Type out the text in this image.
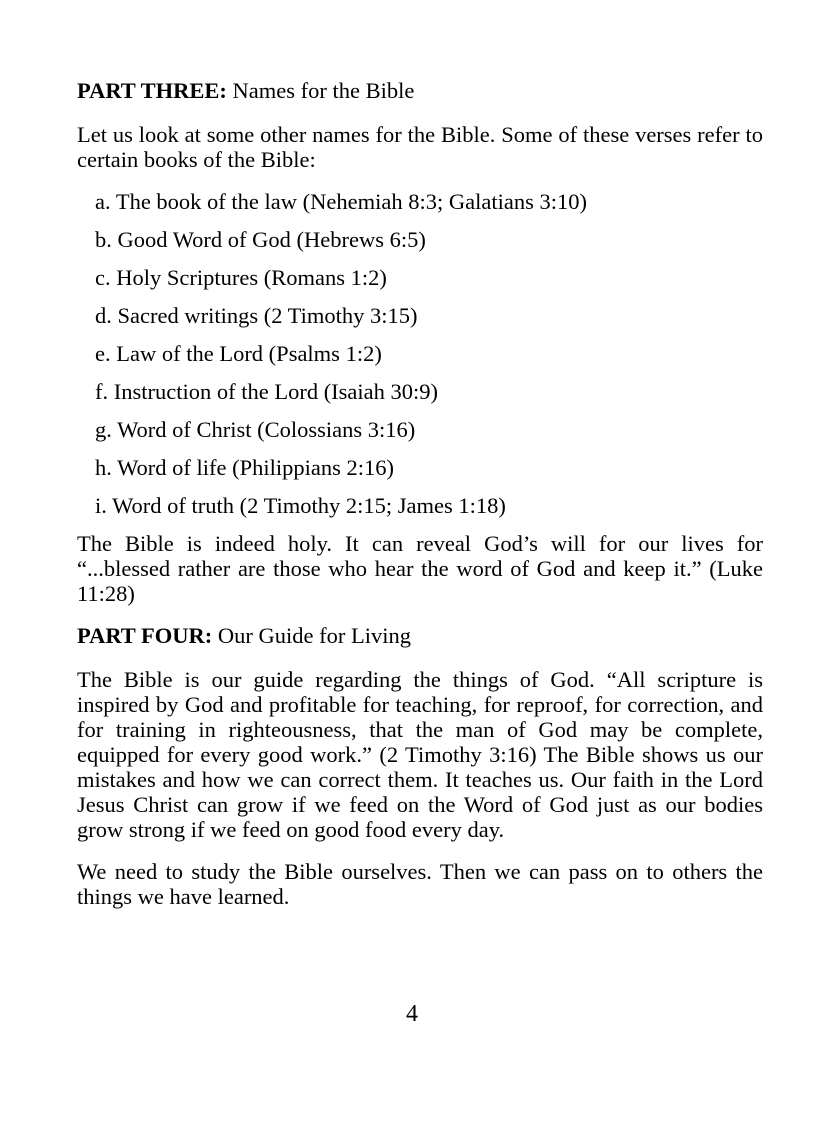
PART THREE: Names for the Bible

Let us look at some other names for the Bible. Some of these verses refer to certain books of the Bible:

a. The book of the law (Nehemiah 8:3; Galatians 3:10)
b. Good Word of God (Hebrews 6:5)
c. Holy Scriptures (Romans 1:2)
d. Sacred writings (2 Timothy 3:15)
e. Law of the Lord (Psalms 1:2)
f. Instruction of the Lord (Isaiah 30:9)
g. Word of Christ (Colossians 3:16)
h. Word of life (Philippians 2:16)
i. Word of truth (2 Timothy 2:15; James 1:18)

The Bible is indeed holy. It can reveal God’s will for our lives for “...blessed rather are those who hear the word of God and keep it.” (Luke 11:28)

PART FOUR: Our Guide for Living

The Bible is our guide regarding the things of God. “All scripture is inspired by God and profitable for teaching, for reproof, for correction, and for training in righteousness, that the man of God may be complete, equipped for every good work.” (2 Timothy 3:16) The Bible shows us our mistakes and how we can correct them. It teaches us. Our faith in the Lord Jesus Christ can grow if we feed on the Word of God just as our bodies grow strong if we feed on good food every day.

We need to study the Bible ourselves. Then we can pass on to others the things we have learned.

4
